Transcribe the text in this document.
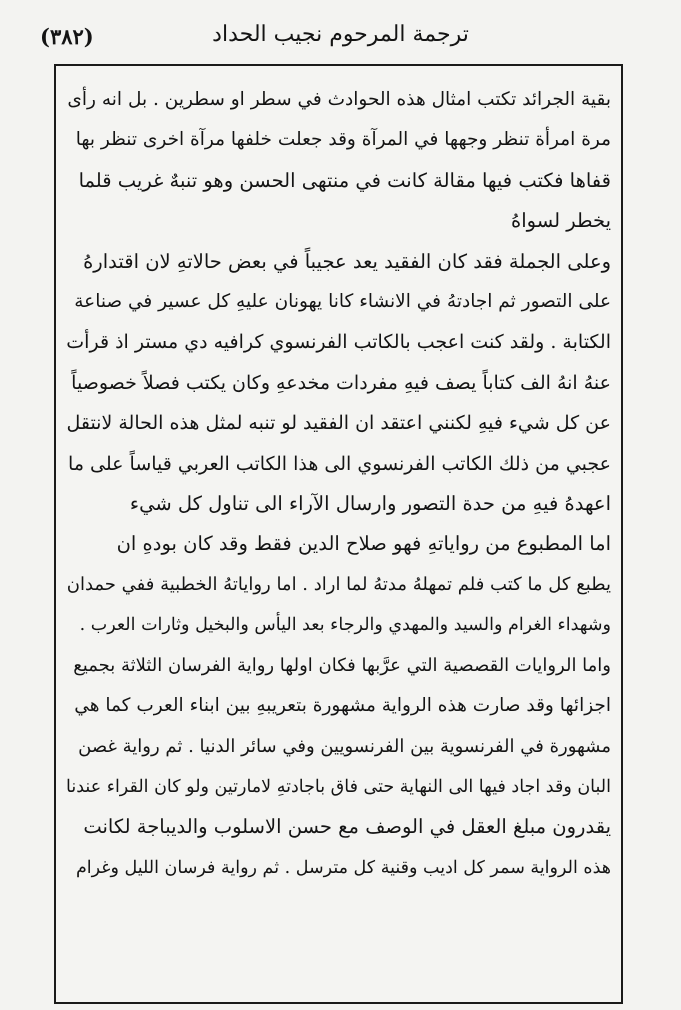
(٣٨٢)	ترجمة المرحوم نجيب الحداد
بقية الجرائد تكتب امثال هذه الحوادث في سطر او سطرين . بل انه رأى
مرة امرأة تنظر وجهها في المرآة وقد جعلت خلفها مرآة اخرى تنظر بها
قفاها فكتب فيها مقالة كانت في منتهى الحسن وهو تنبهٌ غريب قلما
يخطر لسواهُ
وعلى الجملة فقد كان الفقيد يعد عجيباً في بعض حالاتهِ لان اقتدارهُ
على التصور ثم اجادتهُ في الانشاء كانا يهونان عليهِ كل عسير في صناعة
الكتابة . ولقد كنت اعجب بالكاتب الفرنسوي كرافيه دي مستر اذ قرأت
عنهُ انهُ الف كتاباً يصف فيهِ مفردات مخدعهِ وكان يكتب فصلاً خصوصياً
عن كل شيء فيهِ لكنني اعتقد ان الفقيد لو تنبه لمثل هذه الحالة لانتقل
عجبي من ذلك الكاتب الفرنسوي الى هذا الكاتب العربي قياساً على ما
اعهدهُ فيهِ من حدة التصور وارسال الآراء الى تناول كل شيء
اما المطبوع من رواياتهِ فهو صلاح الدين فقط وقد كان بودهِ ان
يطبع كل ما كتب فلم تمهلهُ مدتهُ لما اراد . اما رواياتهُ الخطبية ففي حمدان
وشهداء الغرام والسيد والمهدي والرجاء بعد اليأس والبخيل وثارات العرب .
واما الروايات القصصية التي عرَّبها فكان اولها رواية الفرسان الثلاثة بجميع
اجزائها وقد صارت هذه الرواية مشهورة بتعريبهِ بين ابناء العرب كما هي
مشهورة في الفرنسوية بين الفرنسويين وفي سائر الدنيا . ثم رواية غصن
البان وقد اجاد فيها الى النهاية حتى فاق باجادتهِ لامارتين ولو كان القراء عندنا
يقدرون مبلغ العقل في الوصف مع حسن الاسلوب والديباجة لكانت
هذه الرواية سمر كل اديب وقنية كل مترسل . ثم رواية فرسان الليل وغرام
